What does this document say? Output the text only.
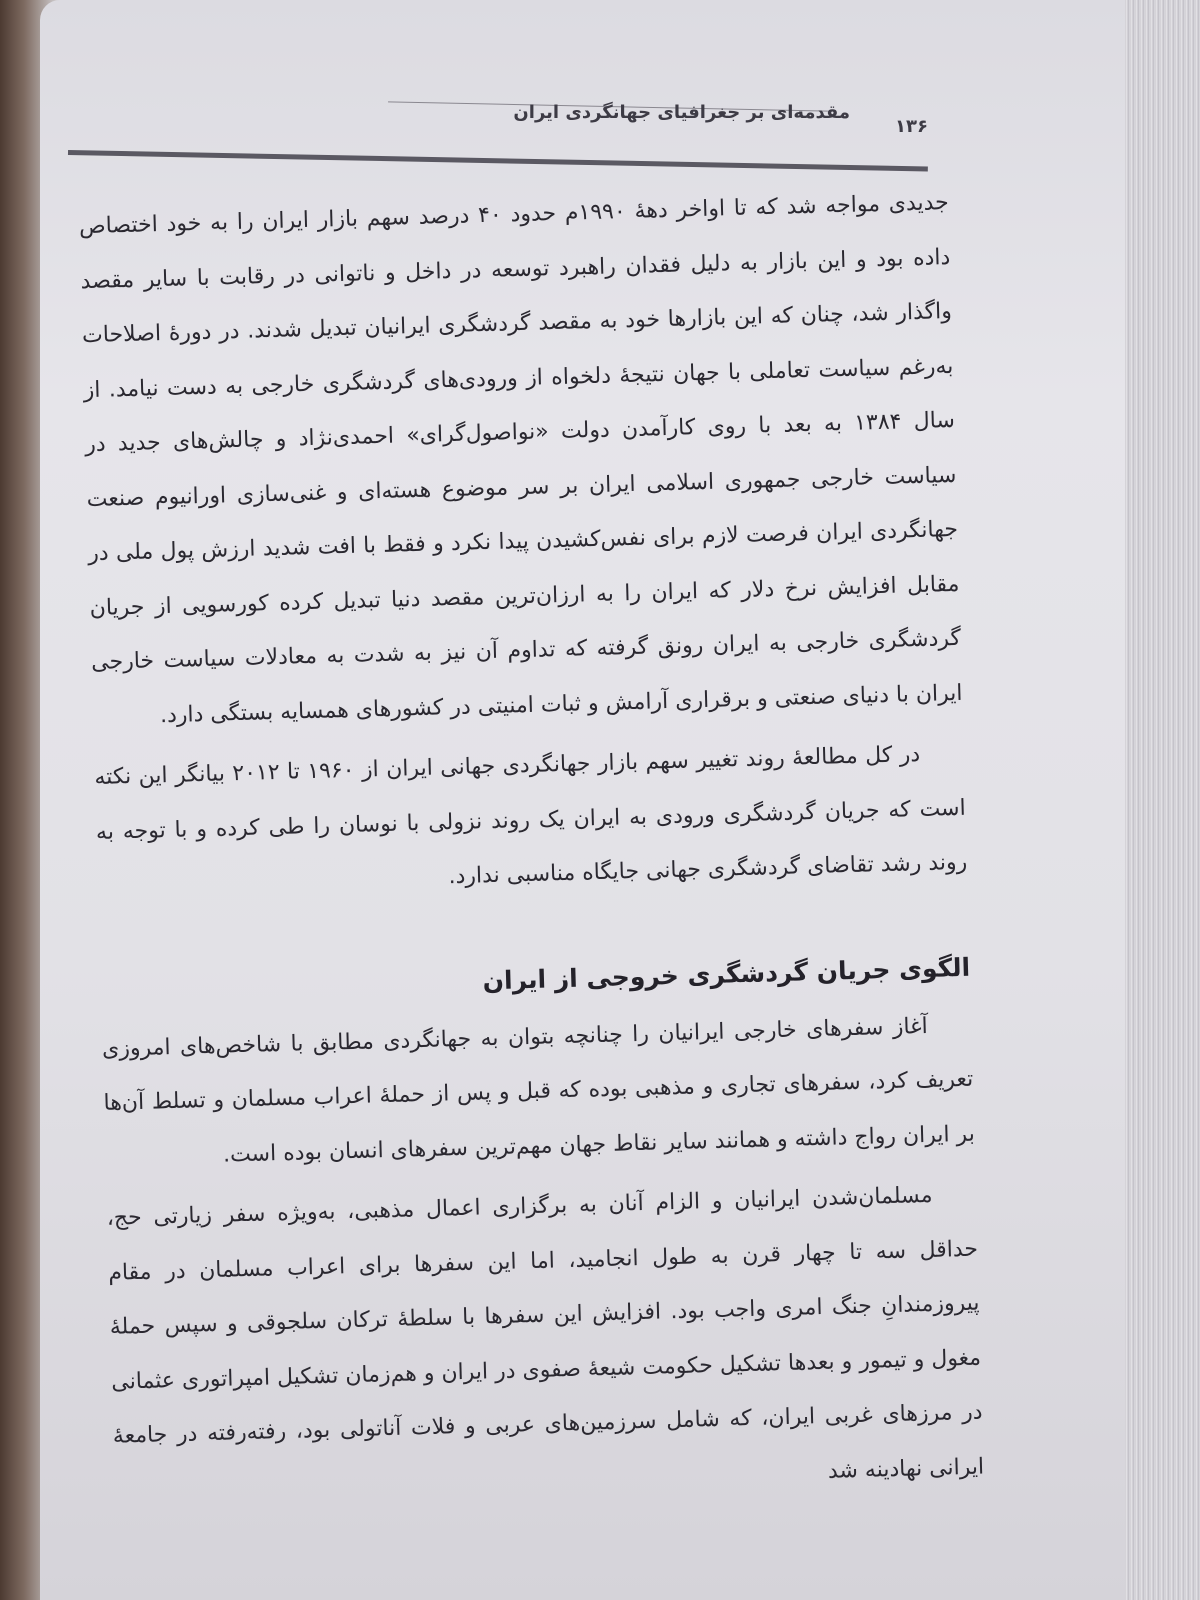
مقدمه‌ای بر جغرافیای جهانگردی ایران
۱۳۶

جدیدی مواجه شد که تا اواخر دهۀ ۱۹۹۰م حدود ۴۰ درصد سهم بازار ایران را به خود اختصاص داده بود و این بازار به دلیل فقدان راهبرد توسعه در داخل و ناتوانی در رقابت با سایر مقصد واگذار شد، چنان که این بازارها خود به مقصد گردشگری ایرانیان تبدیل شدند. در دورۀ اصلاحات به‌رغم سیاست تعاملی با جهان نتیجۀ دلخواه از ورودی‌های گردشگری خارجی به دست نیامد. از سال ۱۳۸۴ به بعد با روی کارآمدن دولت «نواصول‌گرای» احمدی‌نژاد و چالش‌های جدید در سیاست خارجی جمهوری اسلامی ایران بر سر موضوع هسته‌ای و غنی‌سازی اورانیوم صنعت جهانگردی ایران فرصت لازم برای نفس‌کشیدن پیدا نکرد و فقط با افت شدید ارزش پول ملی در مقابل افزایش نرخ دلار که ایران را به ارزان‌ترین مقصد دنیا تبدیل کرده کورسویی از جریان گردشگری خارجی به ایران رونق گرفته که تداوم آن نیز به شدت به معادلات سیاست خارجی ایران با دنیای صنعتی و برقراری آرامش و ثبات امنیتی در کشورهای همسایه بستگی دارد.

در کل مطالعۀ روند تغییر سهم بازار جهانگردی جهانی ایران از ۱۹۶۰ تا ۲۰۱۲ بیانگر این نکته است که جریان گردشگری ورودی به ایران یک روند نزولی با نوسان را طی کرده و با توجه به روند رشد تقاضای گردشگری جهانی جایگاه مناسبی ندارد.

الگوی جریان گردشگری خروجی از ایران

آغاز سفرهای خارجی ایرانیان را چنانچه بتوان به جهانگردی مطابق با شاخص‌های امروزی تعریف کرد، سفرهای تجاری و مذهبی بوده که قبل و پس از حملۀ اعراب مسلمان و تسلط آن‌ها بر ایران رواج داشته و همانند سایر نقاط جهان مهم‌ترین سفرهای انسان بوده است.

مسلمان‌شدن ایرانیان و الزام آنان به برگزاری اعمال مذهبی، به‌ویژه سفر زیارتی حج، حداقل سه تا چهار قرن به طول انجامید، اما این سفرها برای اعراب مسلمان در مقام پیروزمندانِ جنگ امری واجب بود. افزایش این سفرها با سلطۀ ترکان سلجوقی و سپس حملۀ مغول و تیمور و بعدها تشکیل حکومت شیعۀ صفوی در ایران و هم‌زمان تشکیل امپراتوری عثمانی در مرزهای غربی ایران، که شامل سرزمین‌های عربی و فلات آناتولی بود، رفته‌رفته در جامعۀ ایرانی نهادینه شد
